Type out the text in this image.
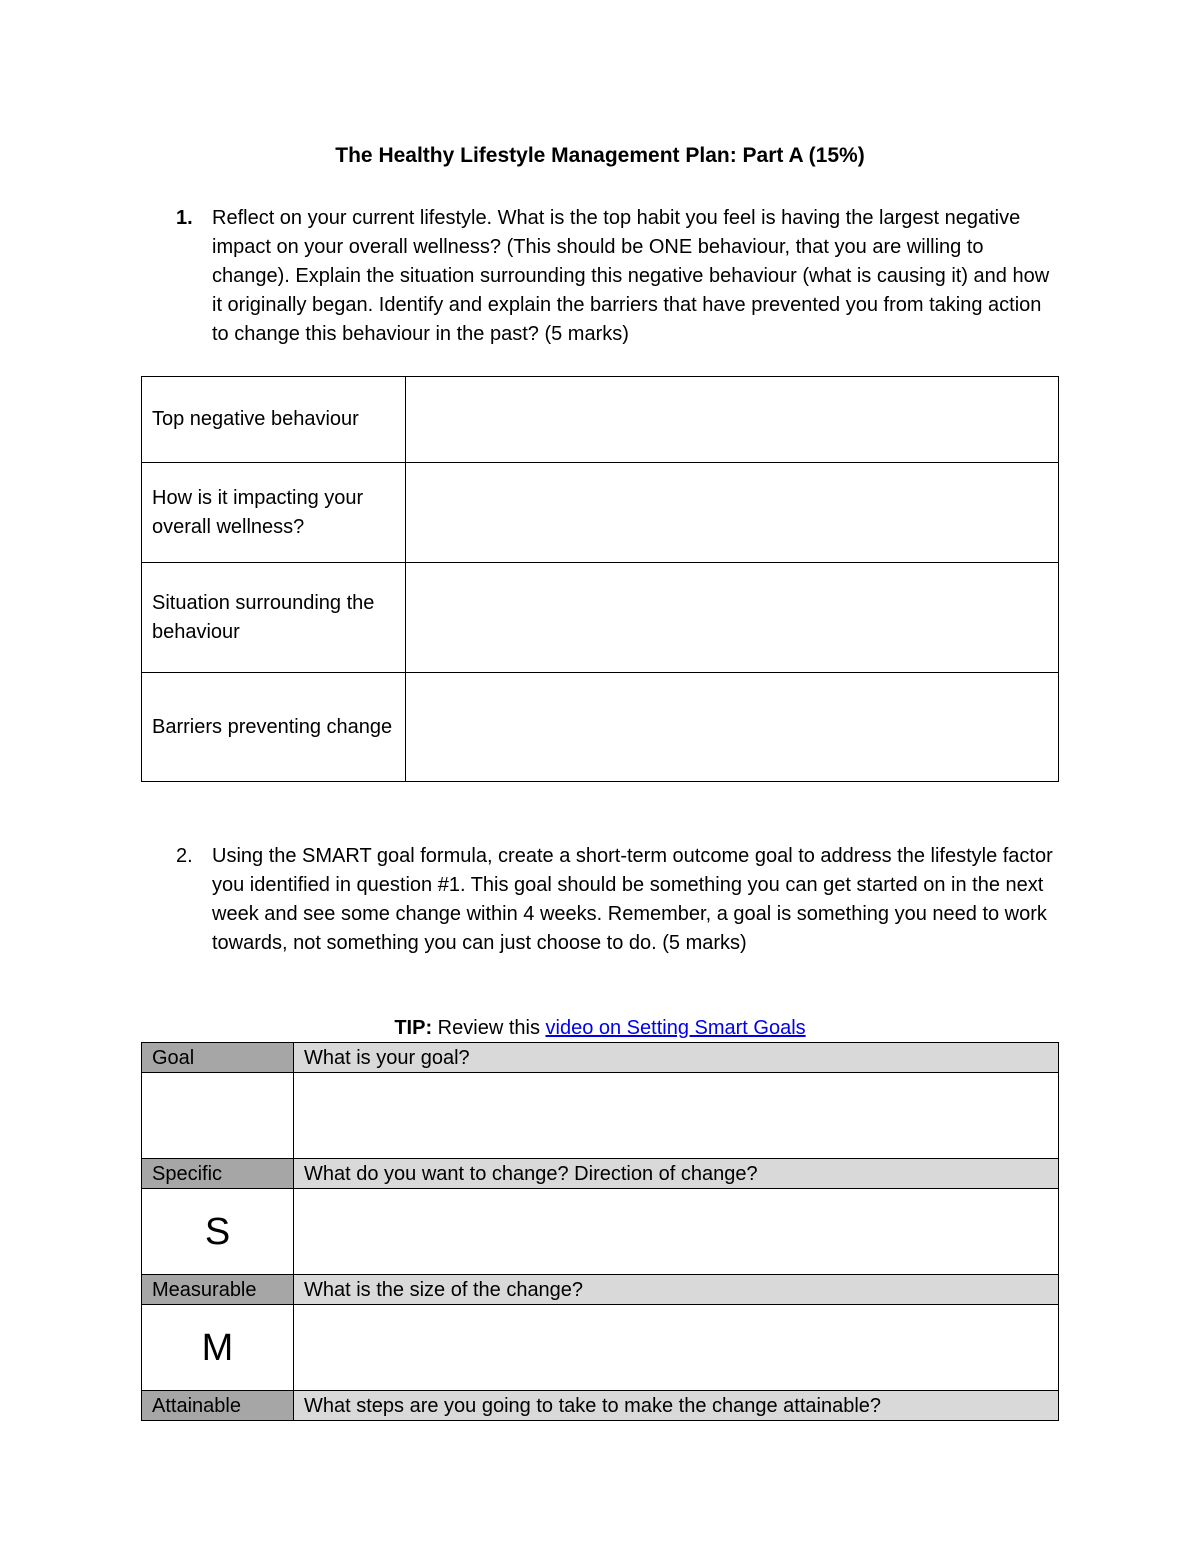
The Healthy Lifestyle Management Plan: Part A (15%)
1. Reflect on your current lifestyle. What is the top habit you feel is having the largest negative impact on your overall wellness? (This should be ONE behaviour, that you are willing to change). Explain the situation surrounding this negative behaviour (what is causing it) and how it originally began. Identify and explain the barriers that have prevented you from taking action to change this behaviour in the past? (5 marks)
Top negative behaviour	
How is it impacting your overall wellness?	
Situation surrounding the behaviour	
Barriers preventing change	
2. Using the SMART goal formula, create a short-term outcome goal to address the lifestyle factor you identified in question #1. This goal should be something you can get started on in the next week and see some change within 4 weeks. Remember, a goal is something you need to work towards, not something you can just choose to do. (5 marks)
TIP: Review this video on Setting Smart Goals
Goal	What is your goal?

Specific	What do you want to change? Direction of change?
S	
Measurable	What is the size of the change?
M	
Attainable	What steps are you going to take to make the change attainable?
